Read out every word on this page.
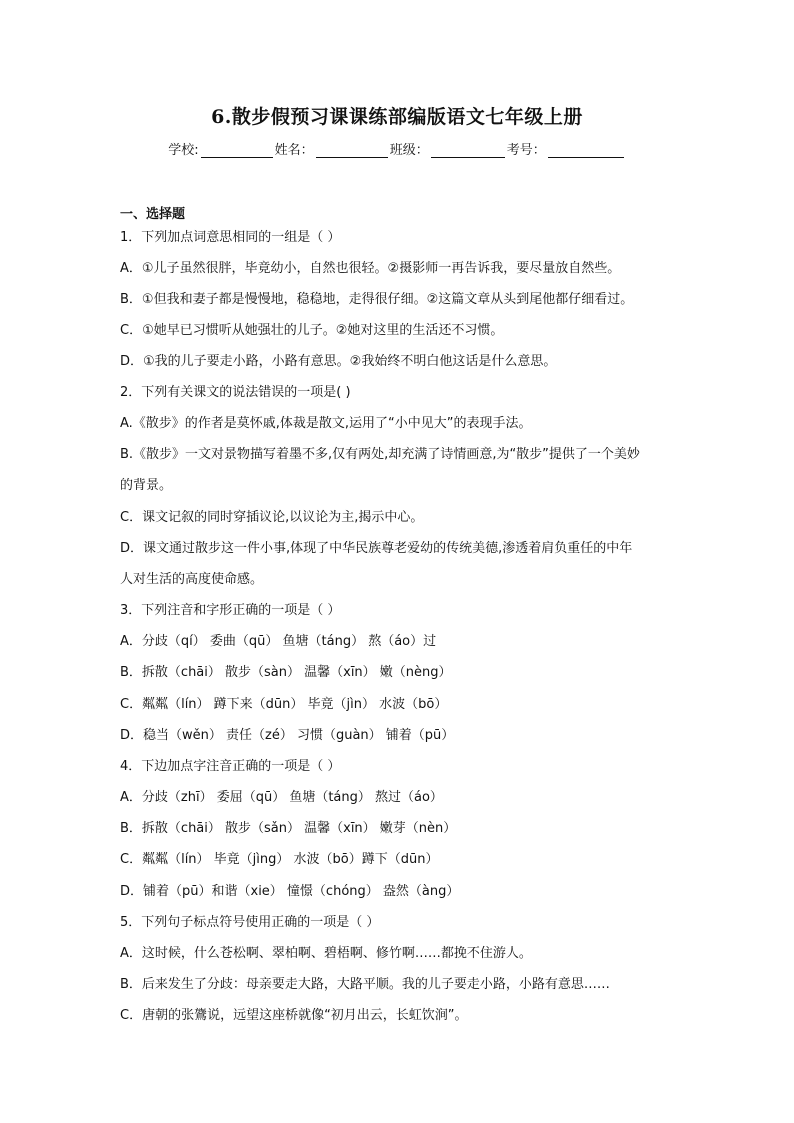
6.散步假预习课课练部编版语文七年级上册
学校:	姓名：	班级：	考号：
一、选择题
1．下列加点词意思相同的一组是（ ）
A．①儿子虽然很胖，毕竟幼小，自然也很轻。②摄影师一再告诉我，要尽量放自然些。
B．①但我和妻子都是慢慢地，稳稳地，走得很仔细。②这篇文章从头到尾他都仔细看过。
C．①她早已习惯听从她强壮的儿子。②她对这里的生活还不习惯。
D．①我的儿子要走小路，小路有意思。②我始终不明白他这话是什么意思。
2．下列有关课文的说法错误的一项是( )
A.《散步》的作者是莫怀戚,体裁是散文,运用了“小中见大”的表现手法。
B.《散步》一文对景物描写着墨不多,仅有两处,却充满了诗情画意,为“散步”提供了一个美妙
的背景。
C．课文记叙的同时穿插议论,以议论为主,揭示中心。
D．课文通过散步这一件小事,体现了中华民族尊老爱幼的传统美德,渗透着肩负重任的中年
人对生活的高度使命感。
3．下列注音和字形正确的一项是（ ）
A．分歧（qí） 委曲（qū） 鱼塘（táng） 熬（áo）过
B．拆散（chāi） 散步（sàn） 温馨（xīn） 嫩（nèng）
C．粼粼（lín） 蹲下来（dūn） 毕竟（jìn） 水波（bō）
D．稳当（wěn） 责任（zé） 习惯（guàn） 铺着（pū）
4．下边加点字注音正确的一项是（ ）
A．分歧（zhī） 委屈（qū） 鱼塘（táng） 熬过（áo）
B．拆散（chāi） 散步（sǎn） 温馨（xīn） 嫩芽（nèn）
C．粼粼（lín） 毕竟（jìng） 水波（bō）蹲下（dūn）
D．铺着（pū）和谐（xie） 憧憬（chóng） 盎然（àng）
5．下列句子标点符号使用正确的一项是（ ）
A．这时候，什么苍松啊、翠柏啊、碧梧啊、修竹啊……都挽不住游人。
B．后来发生了分歧：母亲要走大路，大路平顺。我的儿子要走小路，小路有意思……
C．唐朝的张鷟说，远望这座桥就像“初月出云，长虹饮涧”。
